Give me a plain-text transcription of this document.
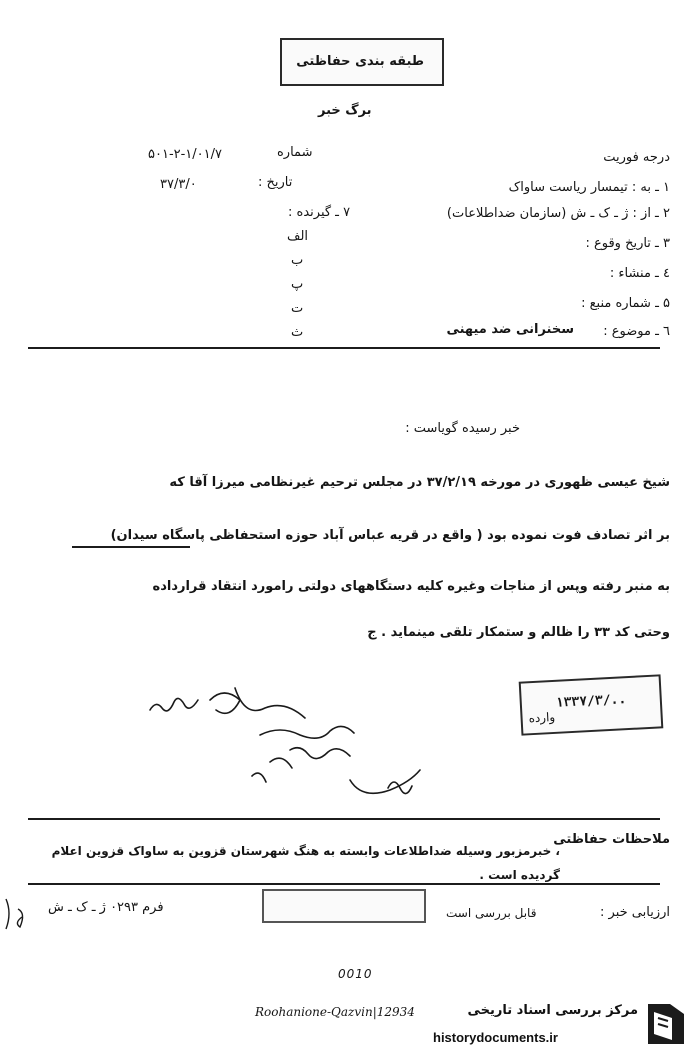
طبقه بندی حفاظتی
برگ خبر
شماره
۵۰۱-۲-۱/۰۱/۷
تاریخ :
۳۷/۳/۰
درجه فوریت
۱ ـ به : تیمسار ریاست ساواک
۲ ـ از : ژ ـ ک ـ ش (سازمان ضداطلاعات)
۳ ـ تاریخ وقوع :
٤ ـ منشاء :
۵ ـ شماره منبع :
٦ ـ موضوع :
سخنرانی ضد میهنی
۷ ـ گیرنده :
الف
ب
پ
ت
ث
خبر رسیده گویاست :
شیخ عیسی ظهوری در مورخه ۳۷/۲/۱۹ در مجلس ترحیم غیرنظامی میرزا آقا که
بر اثر تصادف فوت نموده بود ( واقع در قریه عباس آباد حوزه استحفاظی پاسگاه سیدان)
به منبر رفته وپس از مناجات وغیره کلیه دستگاههای دولتی رامورد انتقاد قرارداده
وحتی کد ۳۳ را ظالم و ستمکار تلقی مینماید . ج
۱۳۳۷/۳/..
وارده
ملاحظات حفاظتی
، خبرمزبور وسیله ضداطلاعات وابسته به هنگ شهرستان قزوین به ساواک قزوین اعلام
گردیده است .
فرم ۰۲۹۳ ژ ـ ک ـ ش	قابل بررسی است	ارزیابی خبر :
0010
Roohanione-Qazvin|12934	مرکز بررسی اسناد تاریخی
historydocuments.ir
